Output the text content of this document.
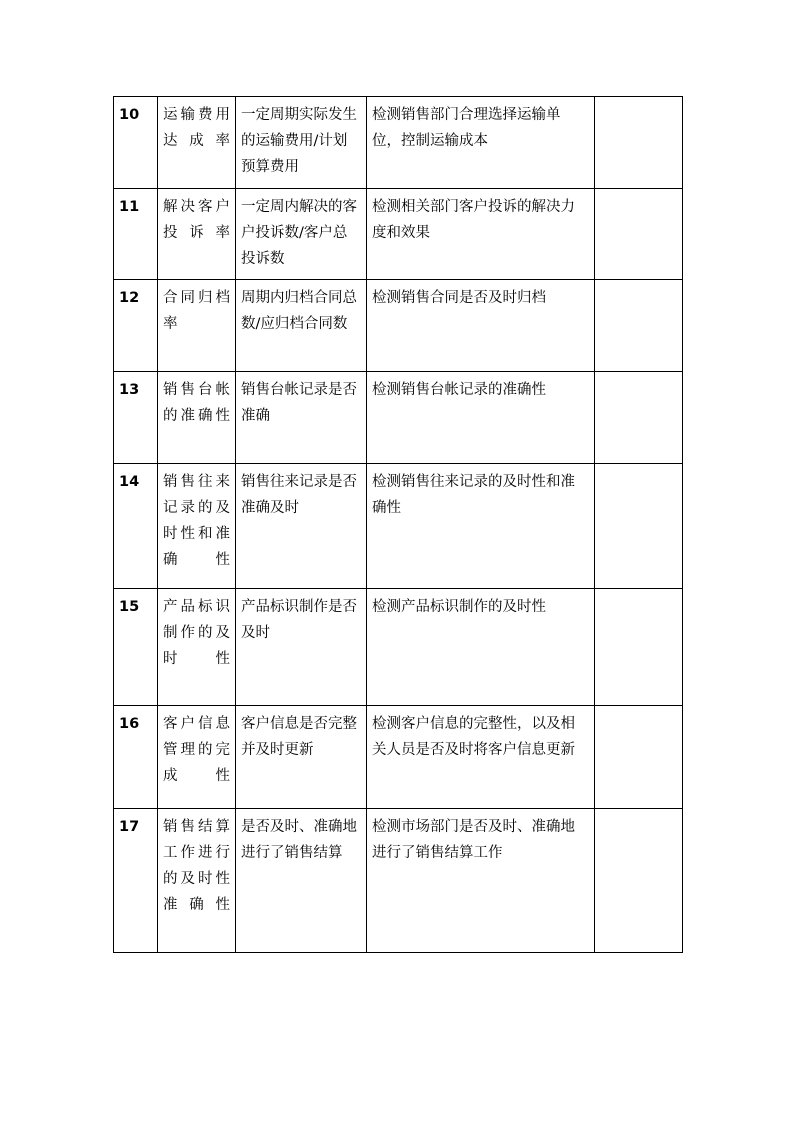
10	运输费用达成率	一定周期实际发生的运输费用/计划预算费用	检测销售部门合理选择运输单位，控制运输成本	
11	解决客户投诉率	一定周内解决的客户投诉数/客户总投诉数	检测相关部门客户投诉的解决力度和效果	
12	合同归档率	周期内归档合同总数/应归档合同数	检测销售合同是否及时归档	
13	销售台帐的准确性	销售台帐记录是否准确	检测销售台帐记录的准确性	
14	销售往来记录的及时性和准确性	销售往来记录是否准确及时	检测销售往来记录的及时性和准确性	
15	产品标识制作的及时性	产品标识制作是否及时	检测产品标识制作的及时性	
16	客户信息管理的完成性	客户信息是否完整并及时更新	检测客户信息的完整性，以及相关人员是否及时将客户信息更新	
17	销售结算工作进行的及时性准确性	是否及时、准确地进行了销售结算	检测市场部门是否及时、准确地进行了销售结算工作	
